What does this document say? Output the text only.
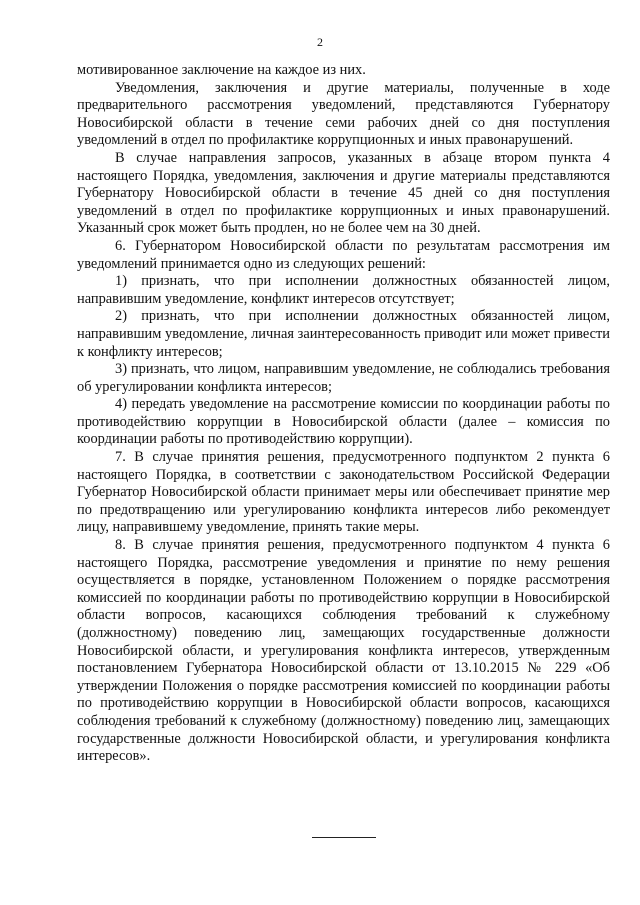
2

мотивированное заключение на каждое из них.

Уведомления, заключения и другие материалы, полученные в ходе предварительного рассмотрения уведомлений, представляются Губернатору Новосибирской области в течение семи рабочих дней со дня поступления уведомлений в отдел по профилактике коррупционных и иных правонарушений.

В случае направления запросов, указанных в абзаце втором пункта 4 настоящего Порядка, уведомления, заключения и другие материалы представляются Губернатору Новосибирской области в течение 45 дней со дня поступления уведомлений в отдел по профилактике коррупционных и иных правонарушений. Указанный срок может быть продлен, но не более чем на 30 дней.

6. Губернатором Новосибирской области по результатам рассмотрения им уведомлений принимается одно из следующих решений:

1) признать, что при исполнении должностных обязанностей лицом, направившим уведомление, конфликт интересов отсутствует;

2) признать, что при исполнении должностных обязанностей лицом, направившим уведомление, личная заинтересованность приводит или может привести к конфликту интересов;

3) признать, что лицом, направившим уведомление, не соблюдались требования об урегулировании конфликта интересов;

4) передать уведомление на рассмотрение комиссии по координации работы по противодействию коррупции в Новосибирской области (далее – комиссия по координации работы по противодействию коррупции).

7. В случае принятия решения, предусмотренного подпунктом 2 пункта 6 настоящего Порядка, в соответствии с законодательством Российской Федерации Губернатор Новосибирской области принимает меры или обеспечивает принятие мер по предотвращению или урегулированию конфликта интересов либо рекомендует лицу, направившему уведомление, принять такие меры.

8. В случае принятия решения, предусмотренного подпунктом 4 пункта 6 настоящего Порядка, рассмотрение уведомления и принятие по нему решения осуществляется в порядке, установленном Положением о порядке рассмотрения комиссией по координации работы по противодействию коррупции в Новосибирской области вопросов, касающихся соблюдения требований к служебному (должностному) поведению лиц, замещающих государственные должности Новосибирской области, и урегулирования конфликта интересов, утвержденным постановлением Губернатора Новосибирской области от 13.10.2015 № 229 «Об утверждении Положения о порядке рассмотрения комиссией по координации работы по противодействию коррупции в Новосибирской области вопросов, касающихся соблюдения требований к служебному (должностному) поведению лиц, замещающих государственные должности Новосибирской области, и урегулирования конфликта интересов».
